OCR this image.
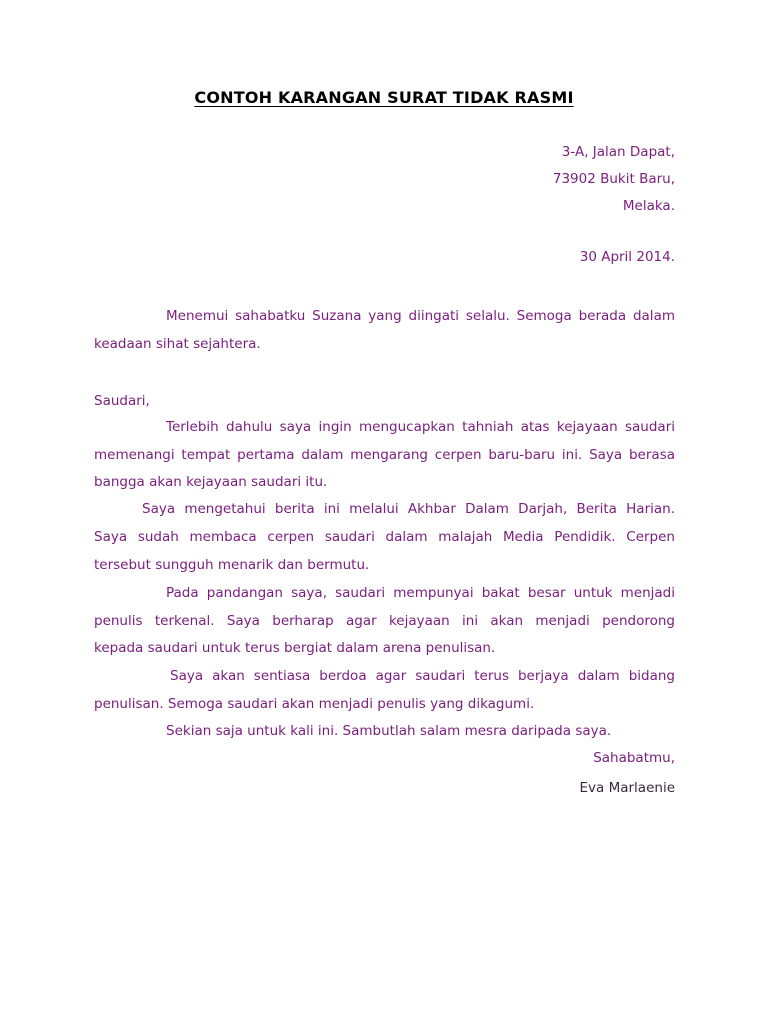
CONTOH KARANGAN SURAT TIDAK RASMI
3-A, Jalan Dapat,
73902 Bukit Baru,
Melaka.
30 April 2014.
Menemui sahabatku Suzana yang diingati selalu. Semoga berada dalam
keadaan sihat sejahtera.
Saudari,
Terlebih dahulu saya ingin mengucapkan tahniah atas kejayaan saudari
memenangi tempat pertama dalam mengarang cerpen baru-baru ini. Saya berasa
bangga akan kejayaan saudari itu.
Saya mengetahui berita ini melalui Akhbar Dalam Darjah, Berita Harian.
Saya sudah membaca cerpen saudari dalam malajah Media Pendidik. Cerpen
tersebut sungguh menarik dan bermutu.
Pada pandangan saya, saudari mempunyai bakat besar untuk menjadi
penulis terkenal. Saya berharap agar kejayaan ini akan menjadi pendorong
kepada saudari untuk terus bergiat dalam arena penulisan.
Saya akan sentiasa berdoa agar saudari terus berjaya dalam bidang
penulisan. Semoga saudari akan menjadi penulis yang dikagumi.
Sekian saja untuk kali ini. Sambutlah salam mesra daripada saya.
Sahabatmu,
Eva Marlaenie
